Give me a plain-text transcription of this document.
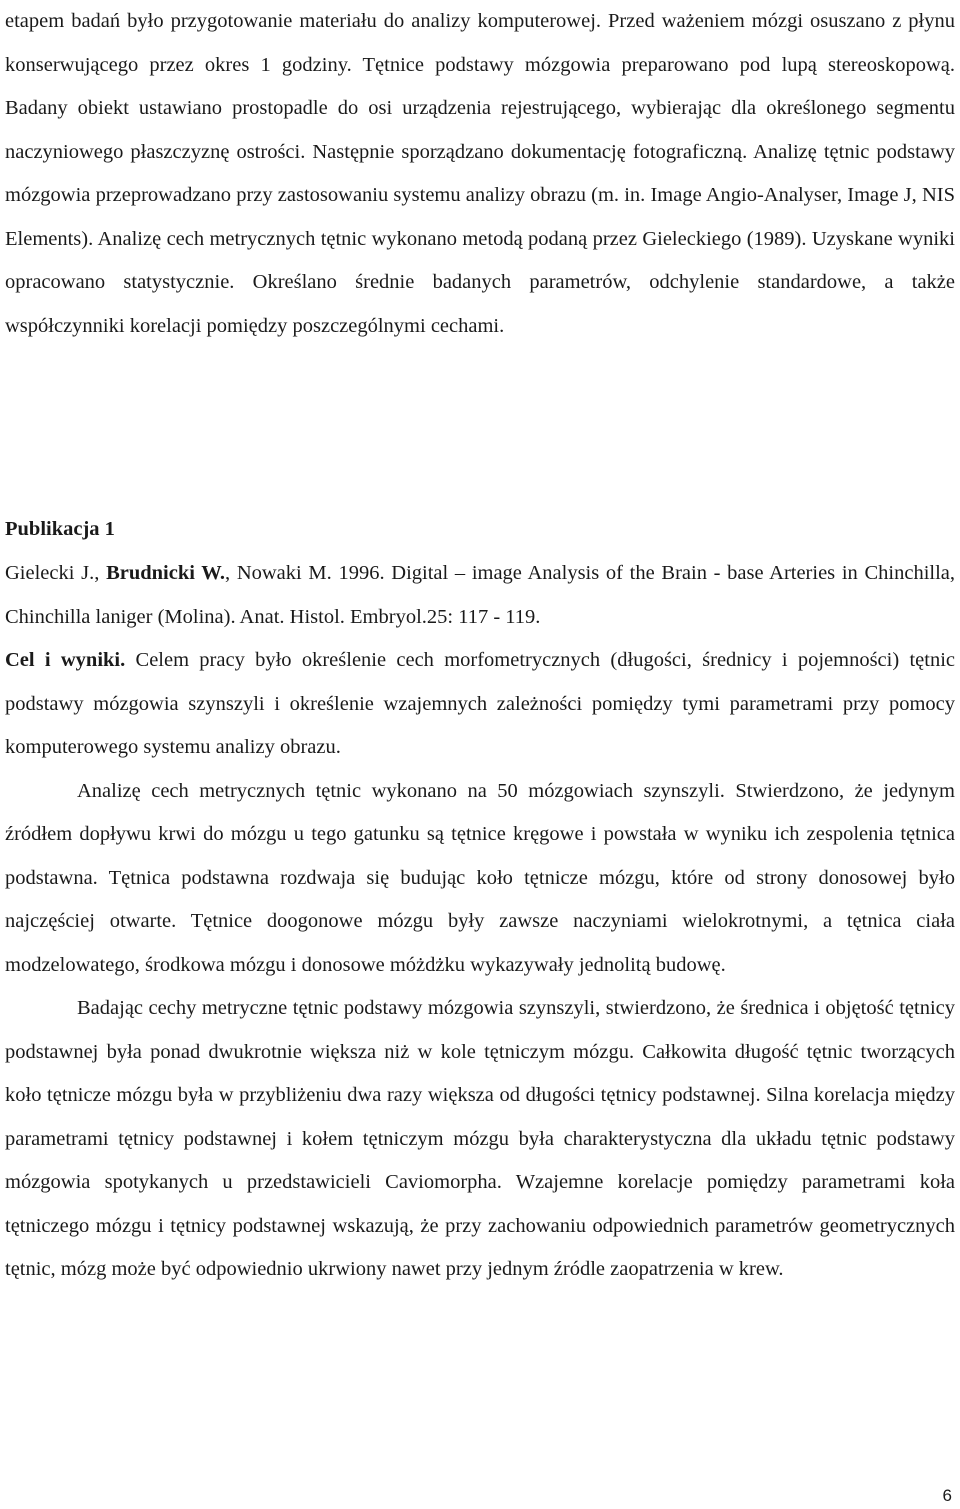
etapem badań było przygotowanie materiału do analizy komputerowej. Przed ważeniem mózgi osuszano z płynu konserwującego przez okres 1 godziny. Tętnice podstawy mózgowia preparowano pod lupą stereoskopową. Badany obiekt ustawiano prostopadle do osi urządzenia rejestrującego, wybierając dla określonego segmentu naczyniowego płaszczyznę ostrości. Następnie sporządzano dokumentację fotograficzną. Analizę tętnic podstawy mózgowia przeprowadzano przy zastosowaniu systemu analizy obrazu (m. in. Image Angio-Analyser, Image J, NIS Elements). Analizę cech metrycznych tętnic wykonano metodą podaną przez Gieleckiego (1989). Uzyskane wyniki opracowano statystycznie. Określano średnie badanych parametrów, odchylenie standardowe, a także współczynniki korelacji pomiędzy poszczególnymi cechami.

Publikacja 1

Gielecki J., Brudnicki W., Nowaki M. 1996. Digital – image Analysis of the Brain - base Arteries in Chinchilla, Chinchilla laniger (Molina). Anat. Histol. Embryol.25: 117 - 119.

Cel i wyniki. Celem pracy było określenie cech morfometrycznych (długości, średnicy i pojemności) tętnic podstawy mózgowia szynszyli i określenie wzajemnych zależności pomiędzy tymi parametrami przy pomocy komputerowego systemu analizy obrazu.

Analizę cech metrycznych tętnic wykonano na 50 mózgowiach szynszyli. Stwierdzono, że jedynym źródłem dopływu krwi do mózgu u tego gatunku są tętnice kręgowe i powstała w wyniku ich zespolenia tętnica podstawna. Tętnica podstawna rozdwaja się budując koło tętnicze mózgu, które od strony donosowej było najczęściej otwarte. Tętnice doogonowe mózgu były zawsze naczyniami wielokrotnymi, a tętnica ciała modzelowatego, środkowa mózgu i donosowe móżdżku wykazywały jednolitą budowę.

Badając cechy metryczne tętnic podstawy mózgowia szynszyli, stwierdzono, że średnica i objętość tętnicy podstawnej była ponad dwukrotnie większa niż w kole tętniczym mózgu. Całkowita długość tętnic tworzących koło tętnicze mózgu była w przybliżeniu dwa razy większa od długości tętnicy podstawnej. Silna korelacja między parametrami tętnicy podstawnej i kołem tętniczym mózgu była charakterystyczna dla układu tętnic podstawy mózgowia spotykanych u przedstawicieli Caviomorpha. Wzajemne korelacje pomiędzy parametrami koła tętniczego mózgu i tętnicy podstawnej wskazują, że przy zachowaniu odpowiednich parametrów geometrycznych tętnic, mózg może być odpowiednio ukrwiony nawet przy jednym źródle zaopatrzenia w krew.

6
